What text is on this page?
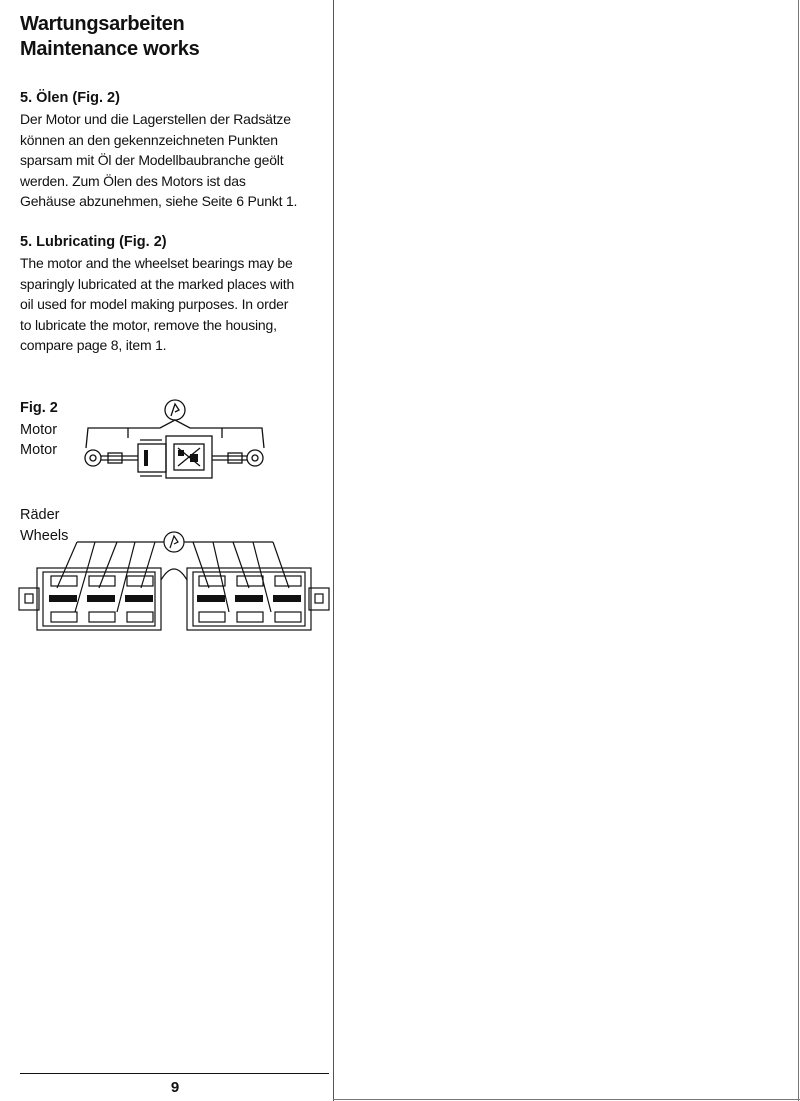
Wartungsarbeiten
Maintenance works
5. Ölen (Fig. 2)
Der Motor und die Lagerstellen der Radsätze
können an den gekennzeichneten Punkten
sparsam mit Öl der Modellbaubranche geölt
werden. Zum Ölen des Motors ist das
Gehäuse abzunehmen, siehe Seite 6 Punkt 1.
5. Lubricating (Fig. 2)
The motor and the wheelset bearings may be
sparingly lubricated at the marked places with
oil used for model making purposes. In order
to lubricate the motor, remove the housing,
compare page 8, item 1.
Fig. 2
Motor
Motor
Räder
Wheels
9
